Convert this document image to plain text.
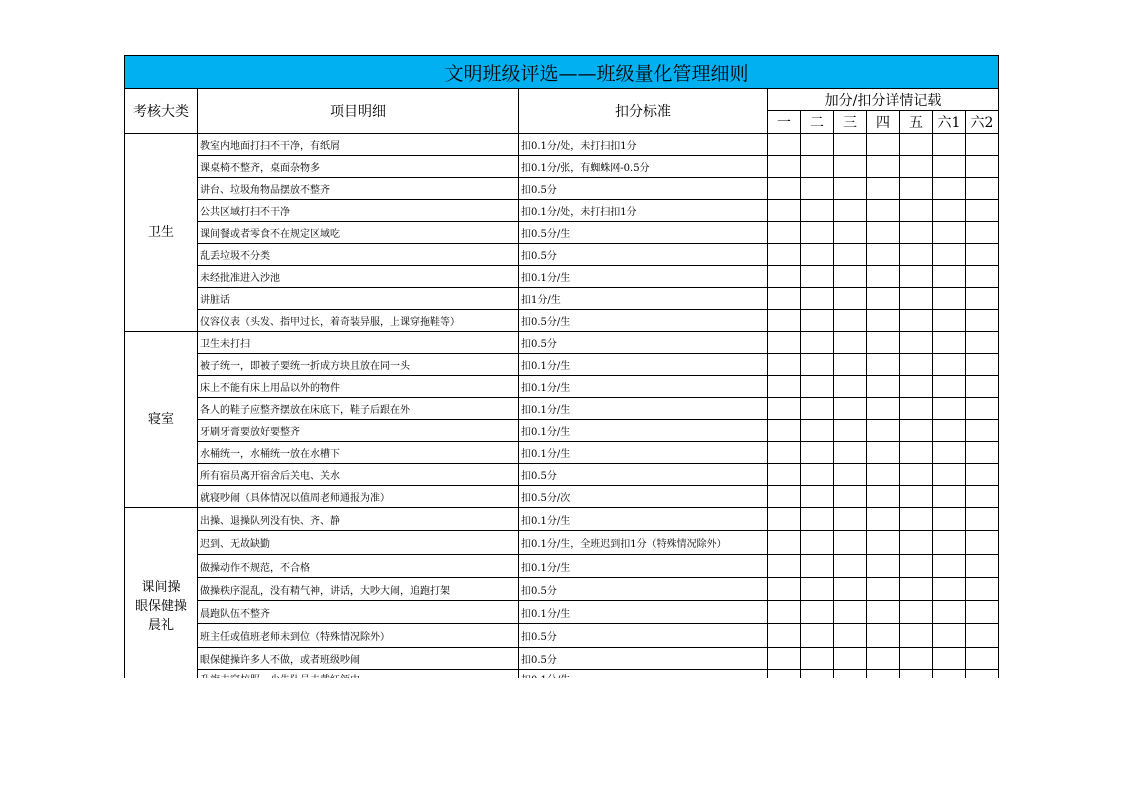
文明班级评选——班级量化管理细则									
考核大类	项目明细	扣分标准	加分/扣分详情记载						
			一	二	三	四	五	六1	六2
卫生	教室内地面打扫不干净，有纸屑	扣0.1分/处，未打扫扣1分							
	课桌椅不整齐，桌面杂物多	扣0.1分/张，有蜘蛛网-0.5分							
	讲台、垃圾角物品摆放不整齐	扣0.5分							
	公共区域打扫不干净	扣0.1分/处，未打扫扣1分							
	课间餐或者零食不在规定区域吃	扣0.5分/生							
	乱丢垃圾不分类	扣0.5分							
	未经批准进入沙池	扣0.1分/生							
	讲脏话	扣1分/生							
	仪容仪表（头发、指甲过长，着奇装异服，上课穿拖鞋等）	扣0.5分/生							
寝室	卫生未打扫	扣0.5分							
	被子统一，即被子要统一折成方块且放在同一头	扣0.1分/生							
	床上不能有床上用品以外的物件	扣0.1分/生							
	各人的鞋子应整齐摆放在床底下，鞋子后跟在外	扣0.1分/生							
	牙刷牙膏要放好要整齐	扣0.1分/生							
	水桶统一，水桶统一放在水槽下	扣0.1分/生							
	所有宿员离开宿舍后关电、关水	扣0.5分							
	就寝吵闹（具体情况以值周老师通报为准）	扣0.5分/次							
课间操
眼保健操
晨礼	出操、退操队列没有快、齐、静	扣0.1分/生							
	迟到、无故缺勤	扣0.1分/生，全班迟到扣1分（特殊情况除外）							
	做操动作不规范，不合格	扣0.1分/生							
	做操秩序混乱，没有精气神，讲话，大吵大闹，追跑打架	扣0.5分							
	晨跑队伍不整齐	扣0.1分/生							
	班主任或值班老师未到位（特殊情况除外）	扣0.5分							
	眼保健操许多人不做，或者班级吵闹	扣0.5分							
